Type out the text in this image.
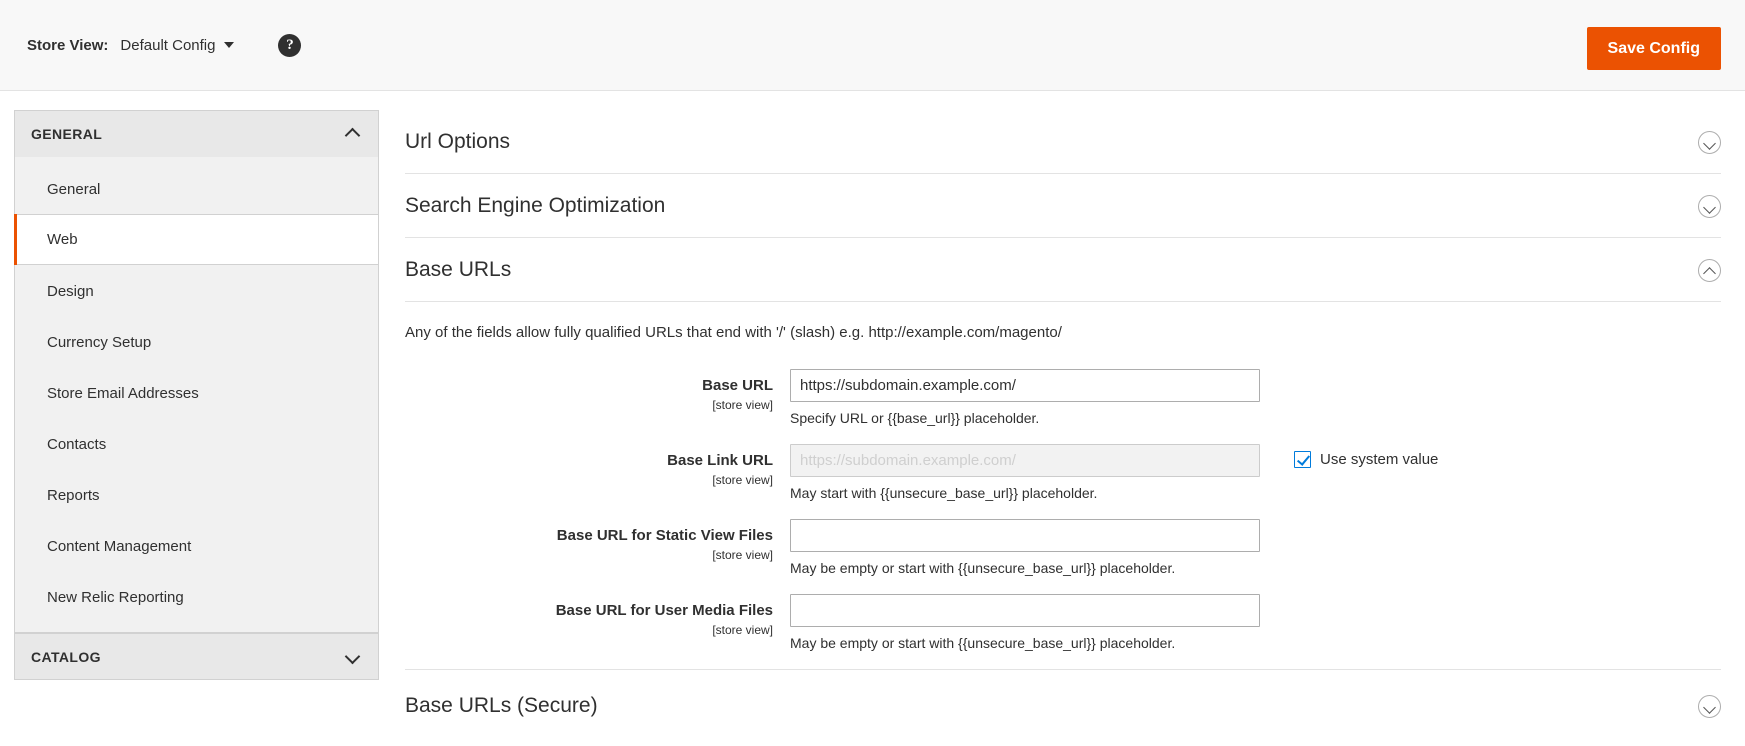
Store View: Default Config	?	Save Config
GENERAL
General
Web
Design
Currency Setup
Store Email Addresses
Contacts
Reports
Content Management
New Relic Reporting
CATALOG
Url Options
Search Engine Optimization
Base URLs

Any of the fields allow fully qualified URLs that end with '/' (slash) e.g. http://example.com/magento/

Base URL
[store view]
https://subdomain.example.com/
Specify URL or {{base_url}} placeholder.
Base Link URL
[store view]
https://subdomain.example.com/
May start with {{unsecure_base_url}} placeholder.
Use system value
Base URL for Static View Files
[store view]
May be empty or start with {{unsecure_base_url}} placeholder.
Base URL for User Media Files
[store view]
May be empty or start with {{unsecure_base_url}} placeholder.
Base URLs (Secure)
